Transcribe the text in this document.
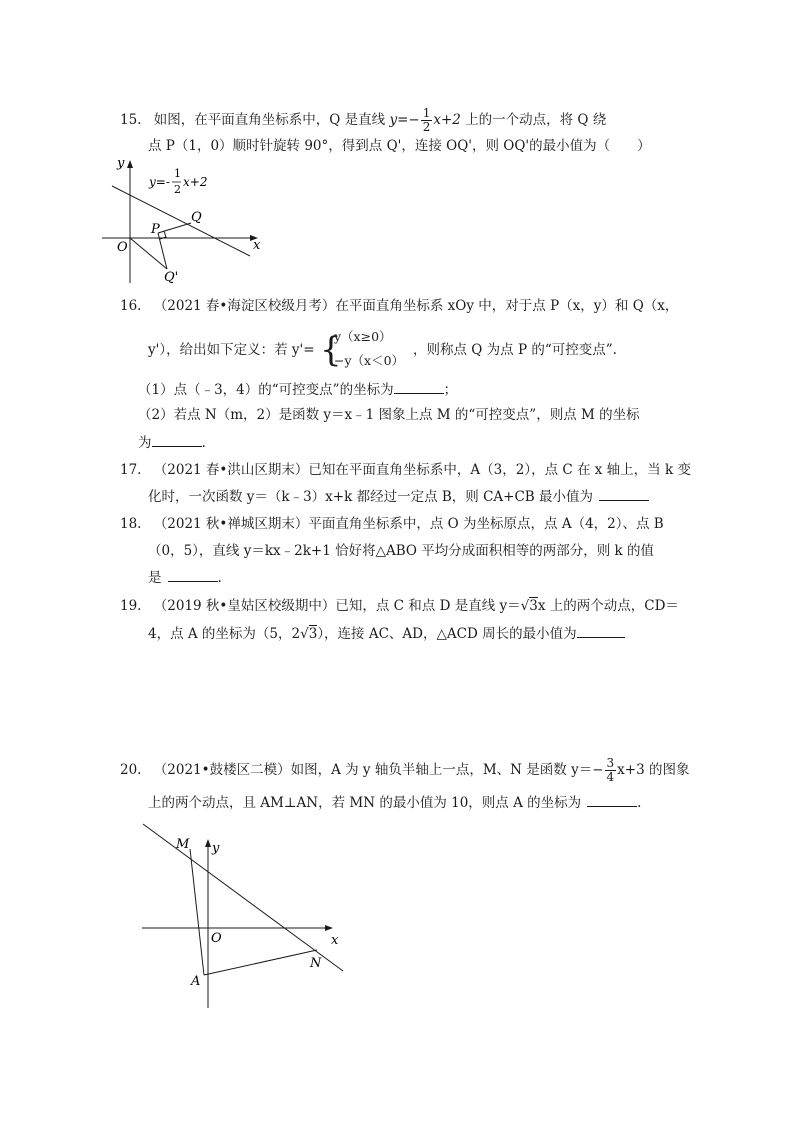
15. 如图，在平面直角坐标系中，Q 是直线 $y=- \frac{1}{2} x+2$ 上的一个动点，将 Q 绕
点 P（1，0）顺时针旋转 90°，得到点 Q'，连接 OQ'，则 OQ'的最小值为（　　）
y
x
O
P
Q
Q'
y=-
1
2
x+2
16. （2021 春•海淀区校级月考）在平面直角坐标系 xOy 中，对于点 P（x，y）和 Q（x，
y'），给出如下定义：若 y'= {
y（x≥0）
−y（x＜0）
，则称点 Q 为点 P 的“可控变点”.
（1）点（﹣3，4）的“可控变点”的坐标为	；
（2）若点 N（m，2）是函数 y＝x﹣1 图象上点 M 的“可控变点”，则点 M 的坐标
为	.
17. （2021 春•洪山区期末）已知在平面直角坐标系中，A（3，2），点 C 在 x 轴上，当 k 变
化时，一次函数 y＝（k﹣3）x+k 都经过一定点 B，则 CA+CB 最小值为
18. （2021 秋•禅城区期末）平面直角坐标系中，点 O 为坐标原点，点 A（4，2）、点 B
（0，5），直线 y＝kx﹣2k+1 恰好将△ABO 平均分成面积相等的两部分，则 k 的值
是	.
19. （2019 秋•皇姑区校级期中）已知，点 C 和点 D 是直线 y＝√3x 上的两个动点，CD＝
4，点 A 的坐标为（5，2√3），连接 AC、AD，△ACD 周长的最小值为
20. （2021•鼓楼区二模）如图，A 为 y 轴负半轴上一点，M、N 是函数 $y=- \frac{3}{4} x+3$ 的图象
上的两个动点，且 AM⊥AN，若 MN 的最小值为 10，则点 A 的坐标为	.
M y
O	x
N
A
